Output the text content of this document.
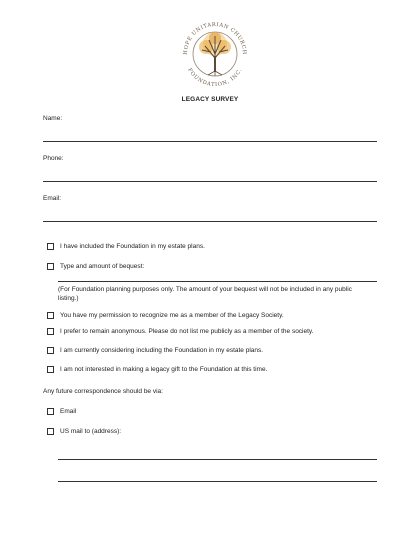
HOPE UNITARIAN CHURCH
FOUNDATION, INC.
LEGACY SURVEY
Name:
Phone:
Email:
I have included the Foundation in my estate plans.
Type and amount of bequest:
(For Foundation planning purposes only. The amount of your bequest will not be included in any public listing.)
You have my permission to recognize me as a member of the Legacy Society.
I prefer to remain anonymous. Please do not list me publicly as a member of the society.
I am currently considering including the Foundation in my estate plans.
I am not interested in making a legacy gift to the Foundation at this time.
Any future correspondence should be via:
Email
US mail to (address):
